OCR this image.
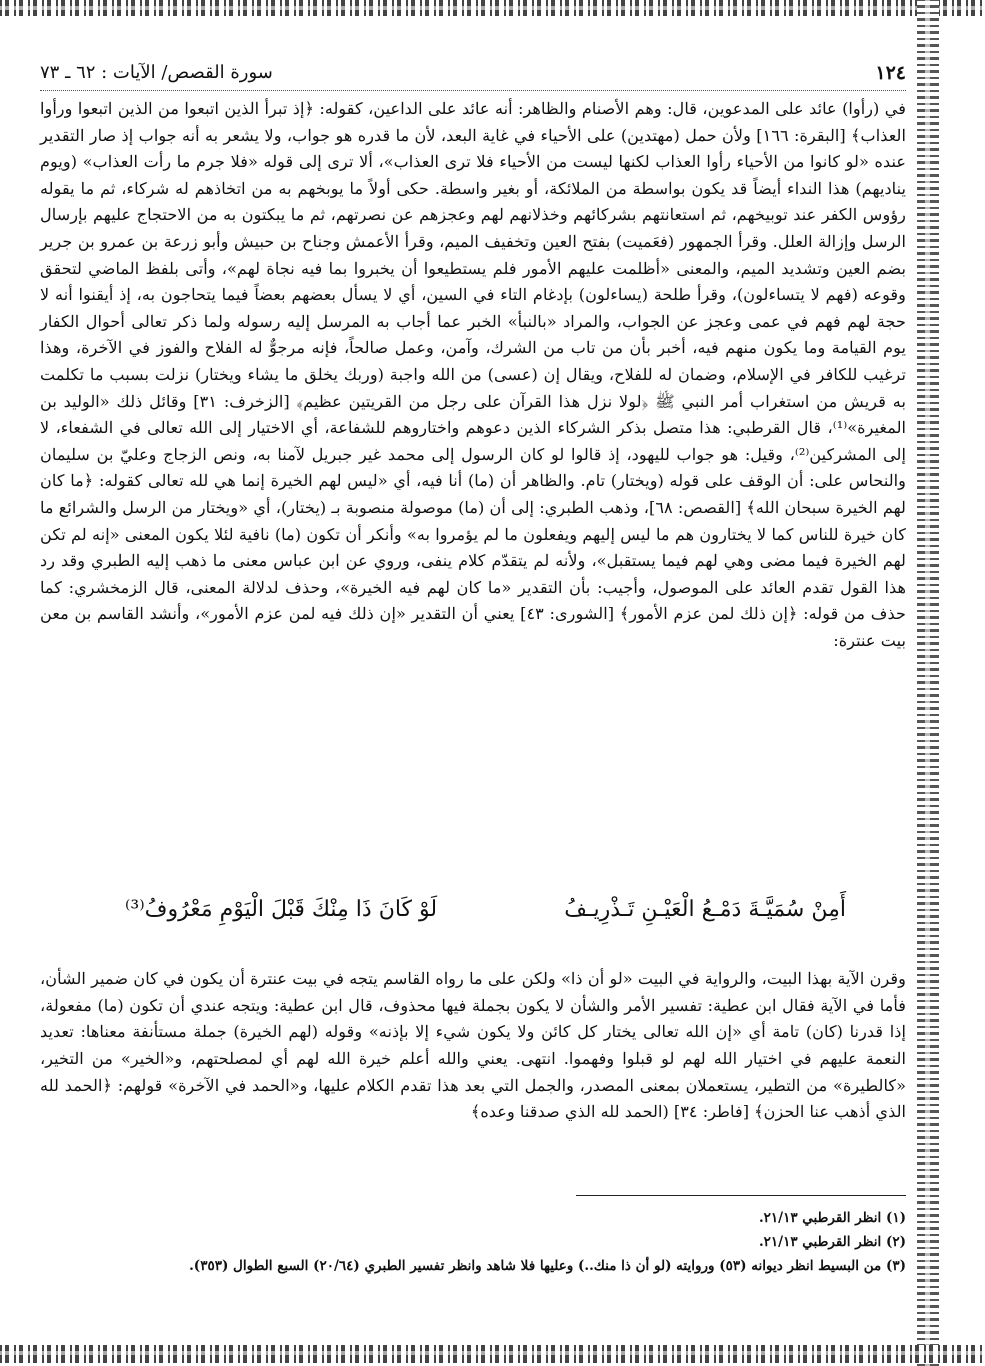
١٢٤
سورة القصص/ الآيات : ٦٢ ـ ٧٣

في (رأوا) عائد على المدعوين، قال: وهم الأصنام والظاهر: أنه عائد على الداعين، كقوله: ﴿إذ تبرأ الذين اتبعوا من الذين اتبعوا ورأوا العذاب﴾ [البقرة: ١٦٦] ولأن حمل (مهتدين) على الأحياء في غاية البعد، لأن ما قدره هو جواب، ولا يشعر به أنه جواب إذ صار التقدير عنده «لو كانوا من الأحياء رأوا العذاب لكنها ليست من الأحياء فلا ترى العذاب»، ألا ترى إلى قوله «فلا جرم ما رأت العذاب» (ويوم يناديهم) هذا النداء أيضاً قد يكون بواسطة من الملائكة، أو بغير واسطة. حكى أولاً ما يوبخهم به من اتخاذهم له شركاء، ثم ما يقوله رؤوس الكفر عند توبيخهم، ثم استعانتهم بشركائهم وخذلانهم لهم وعجزهم عن نصرتهم، ثم ما يبكتون به من الاحتجاج عليهم بإرسال الرسل وإزالة العلل. وقرأ الجمهور (فعَميت) بفتح العين وتخفيف الميم، وقرأ الأعمش وجناح بن حبيش وأبو زرعة بن عمرو بن جرير بضم العين وتشديد الميم، والمعنى «أظلمت عليهم الأمور فلم يستطيعوا أن يخبروا بما فيه نجاة لهم»، وأتى بلفظ الماضي لتحقق وقوعه (فهم لا يتساءلون)، وقرأ طلحة (يساءلون) بإدغام التاء في السين، أي لا يسأل بعضهم بعضاً فيما يتحاجون به، إذ أيقنوا أنه لا حجة لهم فهم في عمى وعجز عن الجواب، والمراد «بالنبأ» الخبر عما أجاب به المرسل إليه رسوله ولما ذكر تعالى أحوال الكفار يوم القيامة وما يكون منهم فيه، أخبر بأن من تاب من الشرك، وآمن، وعمل صالحاً، فإنه مرجوٌّ له الفلاح والفوز في الآخرة، وهذا ترغيب للكافر في الإسلام، وضمان له للفلاح، ويقال إن (عسى) من الله واجبة (وربك يخلق ما يشاء ويختار) نزلت بسبب ما تكلمت به قريش من استغراب أمر النبي ﷺ ﴿لولا نزل هذا القرآن على رجل من القريتين عظيم﴾ [الزخرف: ٣١] وقائل ذلك «الوليد بن المغيرة»⁽¹⁾، قال القرطبي: هذا متصل بذكر الشركاء الذين دعوهم واختاروهم للشفاعة، أي الاختيار إلى الله تعالى في الشفعاء، لا إلى المشركين⁽²⁾، وقيل: هو جواب لليهود، إذ قالوا لو كان الرسول إلى محمد غير جبريل لآمنا به، ونص الزجاج وعليّ بن سليمان والنحاس على: أن الوقف على قوله (ويختار) تام. والظاهر أن (ما) أنا فيه، أي «ليس لهم الخيرة إنما هي لله تعالى كقوله: ﴿ما كان لهم الخيرة سبحان الله﴾ [القصص: ٦٨]، وذهب الطبري: إلى أن (ما) موصولة منصوبة بـ (يختار)، أي «ويختار من الرسل والشرائع ما كان خيرة للناس كما لا يختارون هم ما ليس إليهم ويفعلون ما لم يؤمروا به» وأنكر أن تكون (ما) نافية لئلا يكون المعنى «إنه لم تكن لهم الخيرة فيما مضى وهي لهم فيما يستقبل»، ولأنه لم يتقدّم كلام ينفى، وروي عن ابن عباس معنى ما ذهب إليه الطبري وقد رد هذا القول تقدم العائد على الموصول، وأجيب: بأن التقدير «ما كان لهم فيه الخيرة»، وحذف لدلالة المعنى، قال الزمخشري: كما حذف من قوله: ﴿إن ذلك لمن عزم الأمور﴾ [الشورى: ٤٣] يعني أن التقدير «إن ذلك فيه لمن عزم الأمور»، وأنشد القاسم بن معن بيت عنترة:

أَمِنْ سُمَيَّـةَ دَمْـعُ الْعَيْـنِ تَـذْرِيـفُ
لَوْ كَانَ ذَا مِنْكَ قَبْلَ الْيَوْمِ مَعْرُوفُ⁽³⁾

وقرن الآية بهذا البيت، والرواية في البيت «لو أن ذا» ولكن على ما رواه القاسم يتجه في بيت عنترة أن يكون في كان ضمير الشأن، فأما في الآية فقال ابن عطية: تفسير الأمر والشأن لا يكون بجملة فيها محذوف، قال ابن عطية: ويتجه عندي أن تكون (ما) مفعولة، إذا قدرنا (كان) تامة أي «إن الله تعالى يختار كل كائن ولا يكون شيء إلا بإذنه» وقوله (لهم الخيرة) جملة مستأنفة معناها: تعديد النعمة عليهم في اختيار الله لهم لو قبلوا وفهموا. انتهى. يعني والله أعلم خيرة الله لهم أي لمصلحتهم، و«الخير» من التخير، «كالطيرة» من التطير، يستعملان بمعنى المصدر، والجمل التي بعد هذا تقدم الكلام عليها، و«الحمد في الآخرة» قولهم: ﴿الحمد لله الذي أذهب عنا الحزن﴾ [فاطر: ٣٤] (الحمد لله الذي صدقنا وعده﴾

(١) انظر القرطبي ٢١/١٣.
(٢) انظر القرطبي ٢١/١٣.
(٣) من البسيط انظر ديوانه (٥٣) وروايته (لو أن ذا منك..) وعليها فلا شاهد وانظر تفسير الطبري (٢٠/٦٤) السبع الطوال (٣٥٣).
